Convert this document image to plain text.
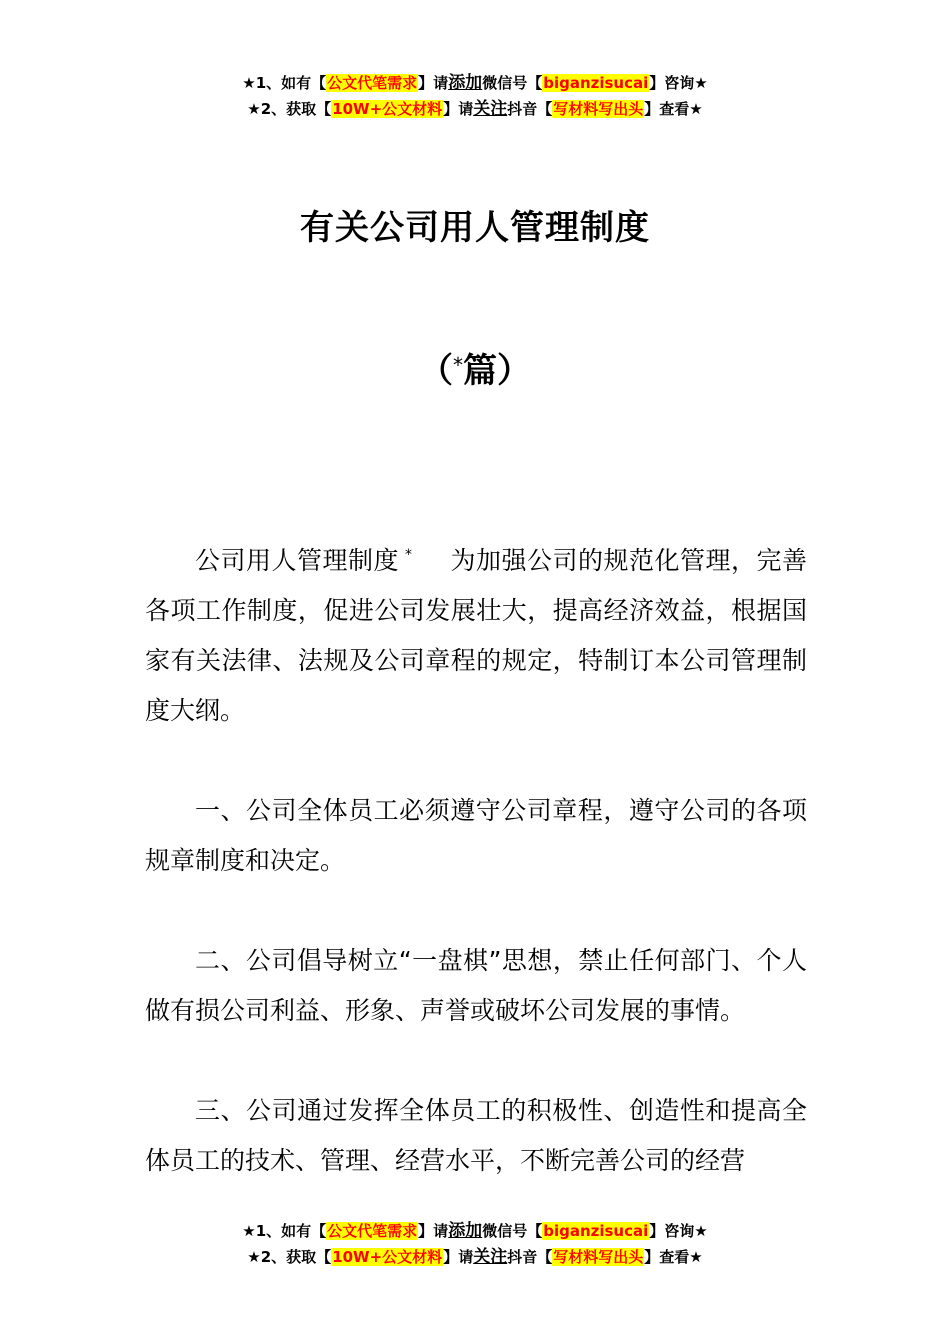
★1、如有【公文代笔需求】请添加微信号【biganzisucai】咨询★
★2、获取【10W+公文材料】请关注抖音【写材料写出头】查看★
有关公司用人管理制度
（*篇）

公司用人管理制度 * 为加强公司的规范化管理，完善各项工作制度，促进公司发展壮大，提高经济效益，根据国家有关法律、法规及公司章程的规定，特制订本公司管理制度大纲。

一、公司全体员工必须遵守公司章程，遵守公司的各项规章制度和决定。

二、公司倡导树立“一盘棋”思想，禁止任何部门、个人做有损公司利益、形象、声誉或破坏公司发展的事情。

三、公司通过发挥全体员工的积极性、创造性和提高全体员工的技术、管理、经营水平，不断完善公司的经营

★1、如有【公文代笔需求】请添加微信号【biganzisucai】咨询★
★2、获取【10W+公文材料】请关注抖音【写材料写出头】查看★
